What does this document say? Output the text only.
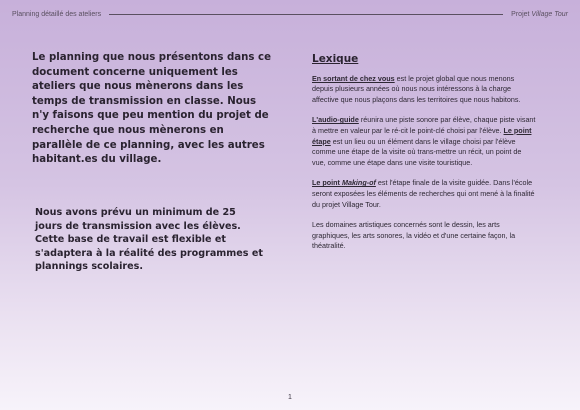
Planning détaillé des ateliers	Projet Village Tour

Le planning que nous présentons dans ce document concerne uniquement les ateliers que nous mènerons dans les temps de transmission en classe. Nous n'y faisons que peu mention du projet de recherche que nous mènerons en parallèle de ce planning, avec les autres habitant.es du village.

Nous avons prévu un minimum de 25 jours de transmission avec les élèves. Cette base de travail est flexible et s'adaptera à la réalité des programmes et plannings scolaires.

Lexique

En sortant de chez vous est le projet global que nous menons depuis plusieurs années où nous nous intéressons à la charge affective que nous plaçons dans les territoires que nous habitons.

L'audio-guide réunira une piste sonore par élève, chaque piste visant à mettre en valeur par le ré-cit le point-clé choisi par l'élève. Le point étape est un lieu ou un élément dans le village choisi par l'élève comme une étape de la visite où trans-mettre un récit, un point de vue, comme une étape dans une visite touristique.

Le point Making-of est l'étape finale de la visite guidée. Dans l'école seront exposées les éléments de recherches qui ont mené à la finalité du projet Village Tour.

Les domaines artistiques concernés sont le dessin, les arts graphiques, les arts sonores, la vidéo et d'une certaine façon, la théatralité.

1
